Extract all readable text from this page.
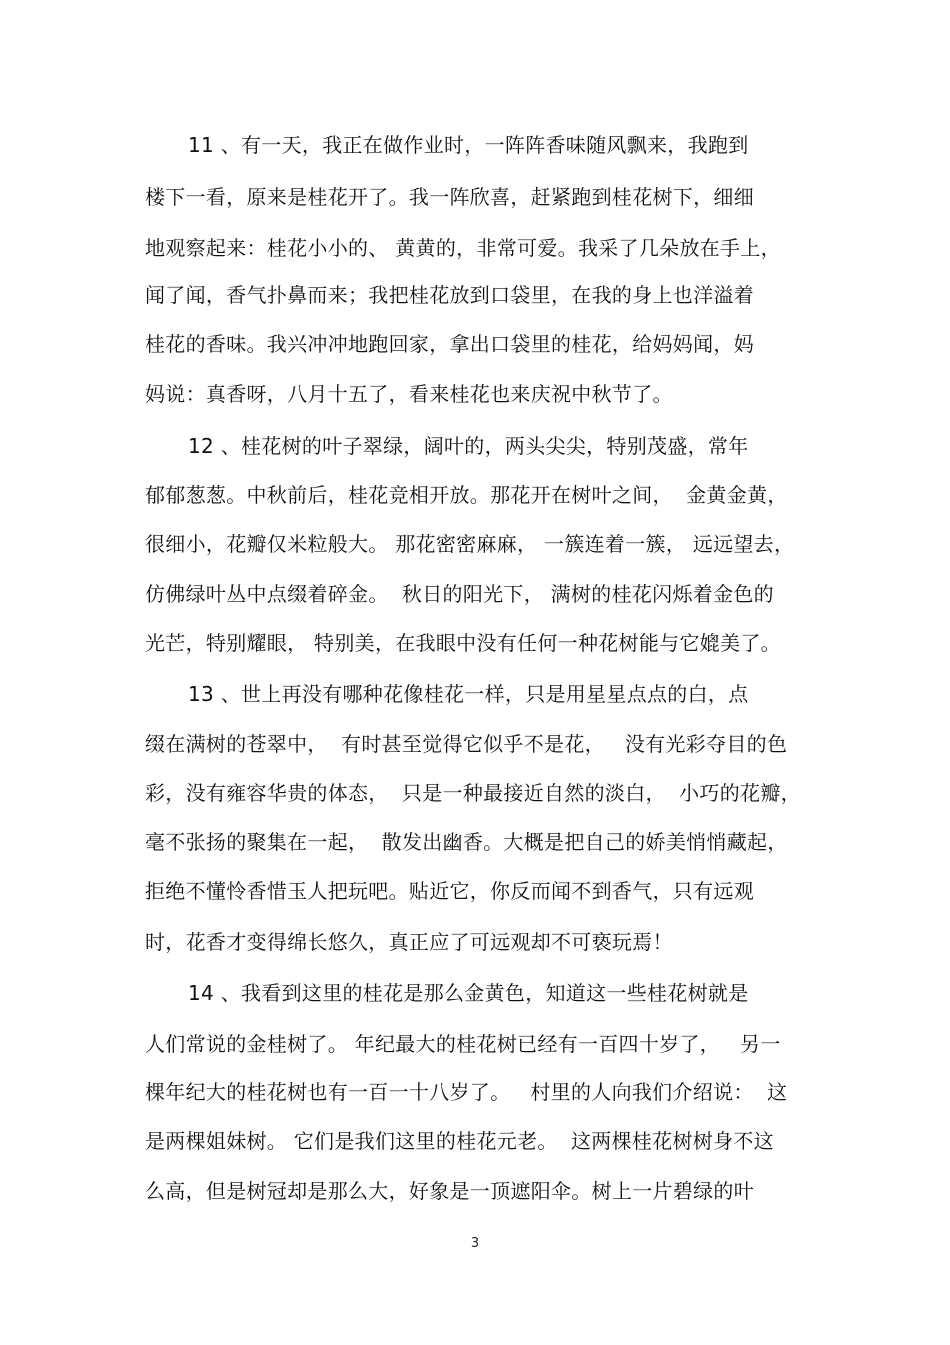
11 、有一天，我正在做作业时，一阵阵香味随风飘来，我跑到
楼下一看，原来是桂花开了。我一阵欣喜，赶紧跑到桂花树下，细细
地观察起来：桂花小小的、 黄黄的，非常可爱。我采了几朵放在手上，
闻了闻，香气扑鼻而来；我把桂花放到口袋里，在我的身上也洋溢着
桂花的香味。我兴冲冲地跑回家，拿出口袋里的桂花，给妈妈闻，妈
妈说：真香呀，八月十五了，看来桂花也来庆祝中秋节了。
12 、桂花树的叶子翠绿，阔叶的，两头尖尖，特别茂盛，常年
郁郁葱葱。中秋前后，桂花竞相开放。那花开在树叶之间，  金黄金黄，
很细小，花瓣仅米粒般大。 那花密密麻麻， 一簇连着一簇， 远远望去，
仿佛绿叶丛中点缀着碎金。  秋日的阳光下， 满树的桂花闪烁着金色的
光芒，特别耀眼， 特别美，在我眼中没有任何一种花树能与它媲美了。
13 、世上再没有哪种花像桂花一样，只是用星星点点的白，点
缀在满树的苍翠中，  有时甚至觉得它似乎不是花，   没有光彩夺目的色
彩，没有雍容华贵的体态，  只是一种最接近自然的淡白，  小巧的花瓣，
毫不张扬的聚集在一起，  散发出幽香。大概是把自己的娇美悄悄藏起，
拒绝不懂怜香惜玉人把玩吧。贴近它，你反而闻不到香气，只有远观
时，花香才变得绵长悠久，真正应了可远观却不可亵玩焉！
14 、我看到这里的桂花是那么金黄色，知道这一些桂花树就是
人们常说的金桂树了。 年纪最大的桂花树已经有一百四十岁了，   另一
棵年纪大的桂花树也有一百一十八岁了。   村里的人向我们介绍说：  这
是两棵姐妹树。 它们是我们这里的桂花元老。  这两棵桂花树树身不这
么高，但是树冠却是那么大，好象是一顶遮阳伞。树上一片碧绿的叶
3
